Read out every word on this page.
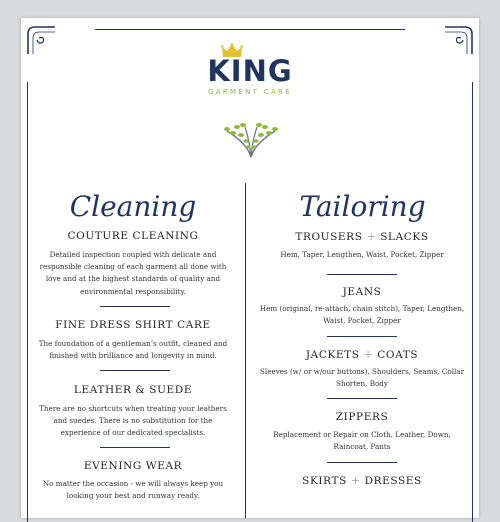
KING
GARMENT CARE
Cleaning
COUTURE CLEANING
Detailed inspection coupled with delicate and responsible cleaning of each garment all done with love and at the highest standards of quality and environmental responsibility.
FINE DRESS SHIRT CARE
The foundation of a gentleman’s outfit, cleaned and finished with brilliance and longevity in mind.
LEATHER & SUEDE
There are no shortcuts when treating your leathers and suedes. There is no substitution for the experience of our dedicated specialists.
EVENING WEAR
No matter the occasion - we will always keep you looking your best and runway ready.
Tailoring
TROUSERS + SLACKS
Hem, Taper, Lengthen, Waist, Pocket, Zipper
JEANS
Hem (original, re-attach, chain stitch), Taper, Lengthen, Waist, Pocket, Zipper
JACKETS + COATS
Sleeves (w/ or w/our buttons), Shoulders, Seams, Collar Shorten, Body
ZIPPERS
Replacement or Repair on Cloth, Leather, Down, Raincoat, Pants
SKIRTS + DRESSES
